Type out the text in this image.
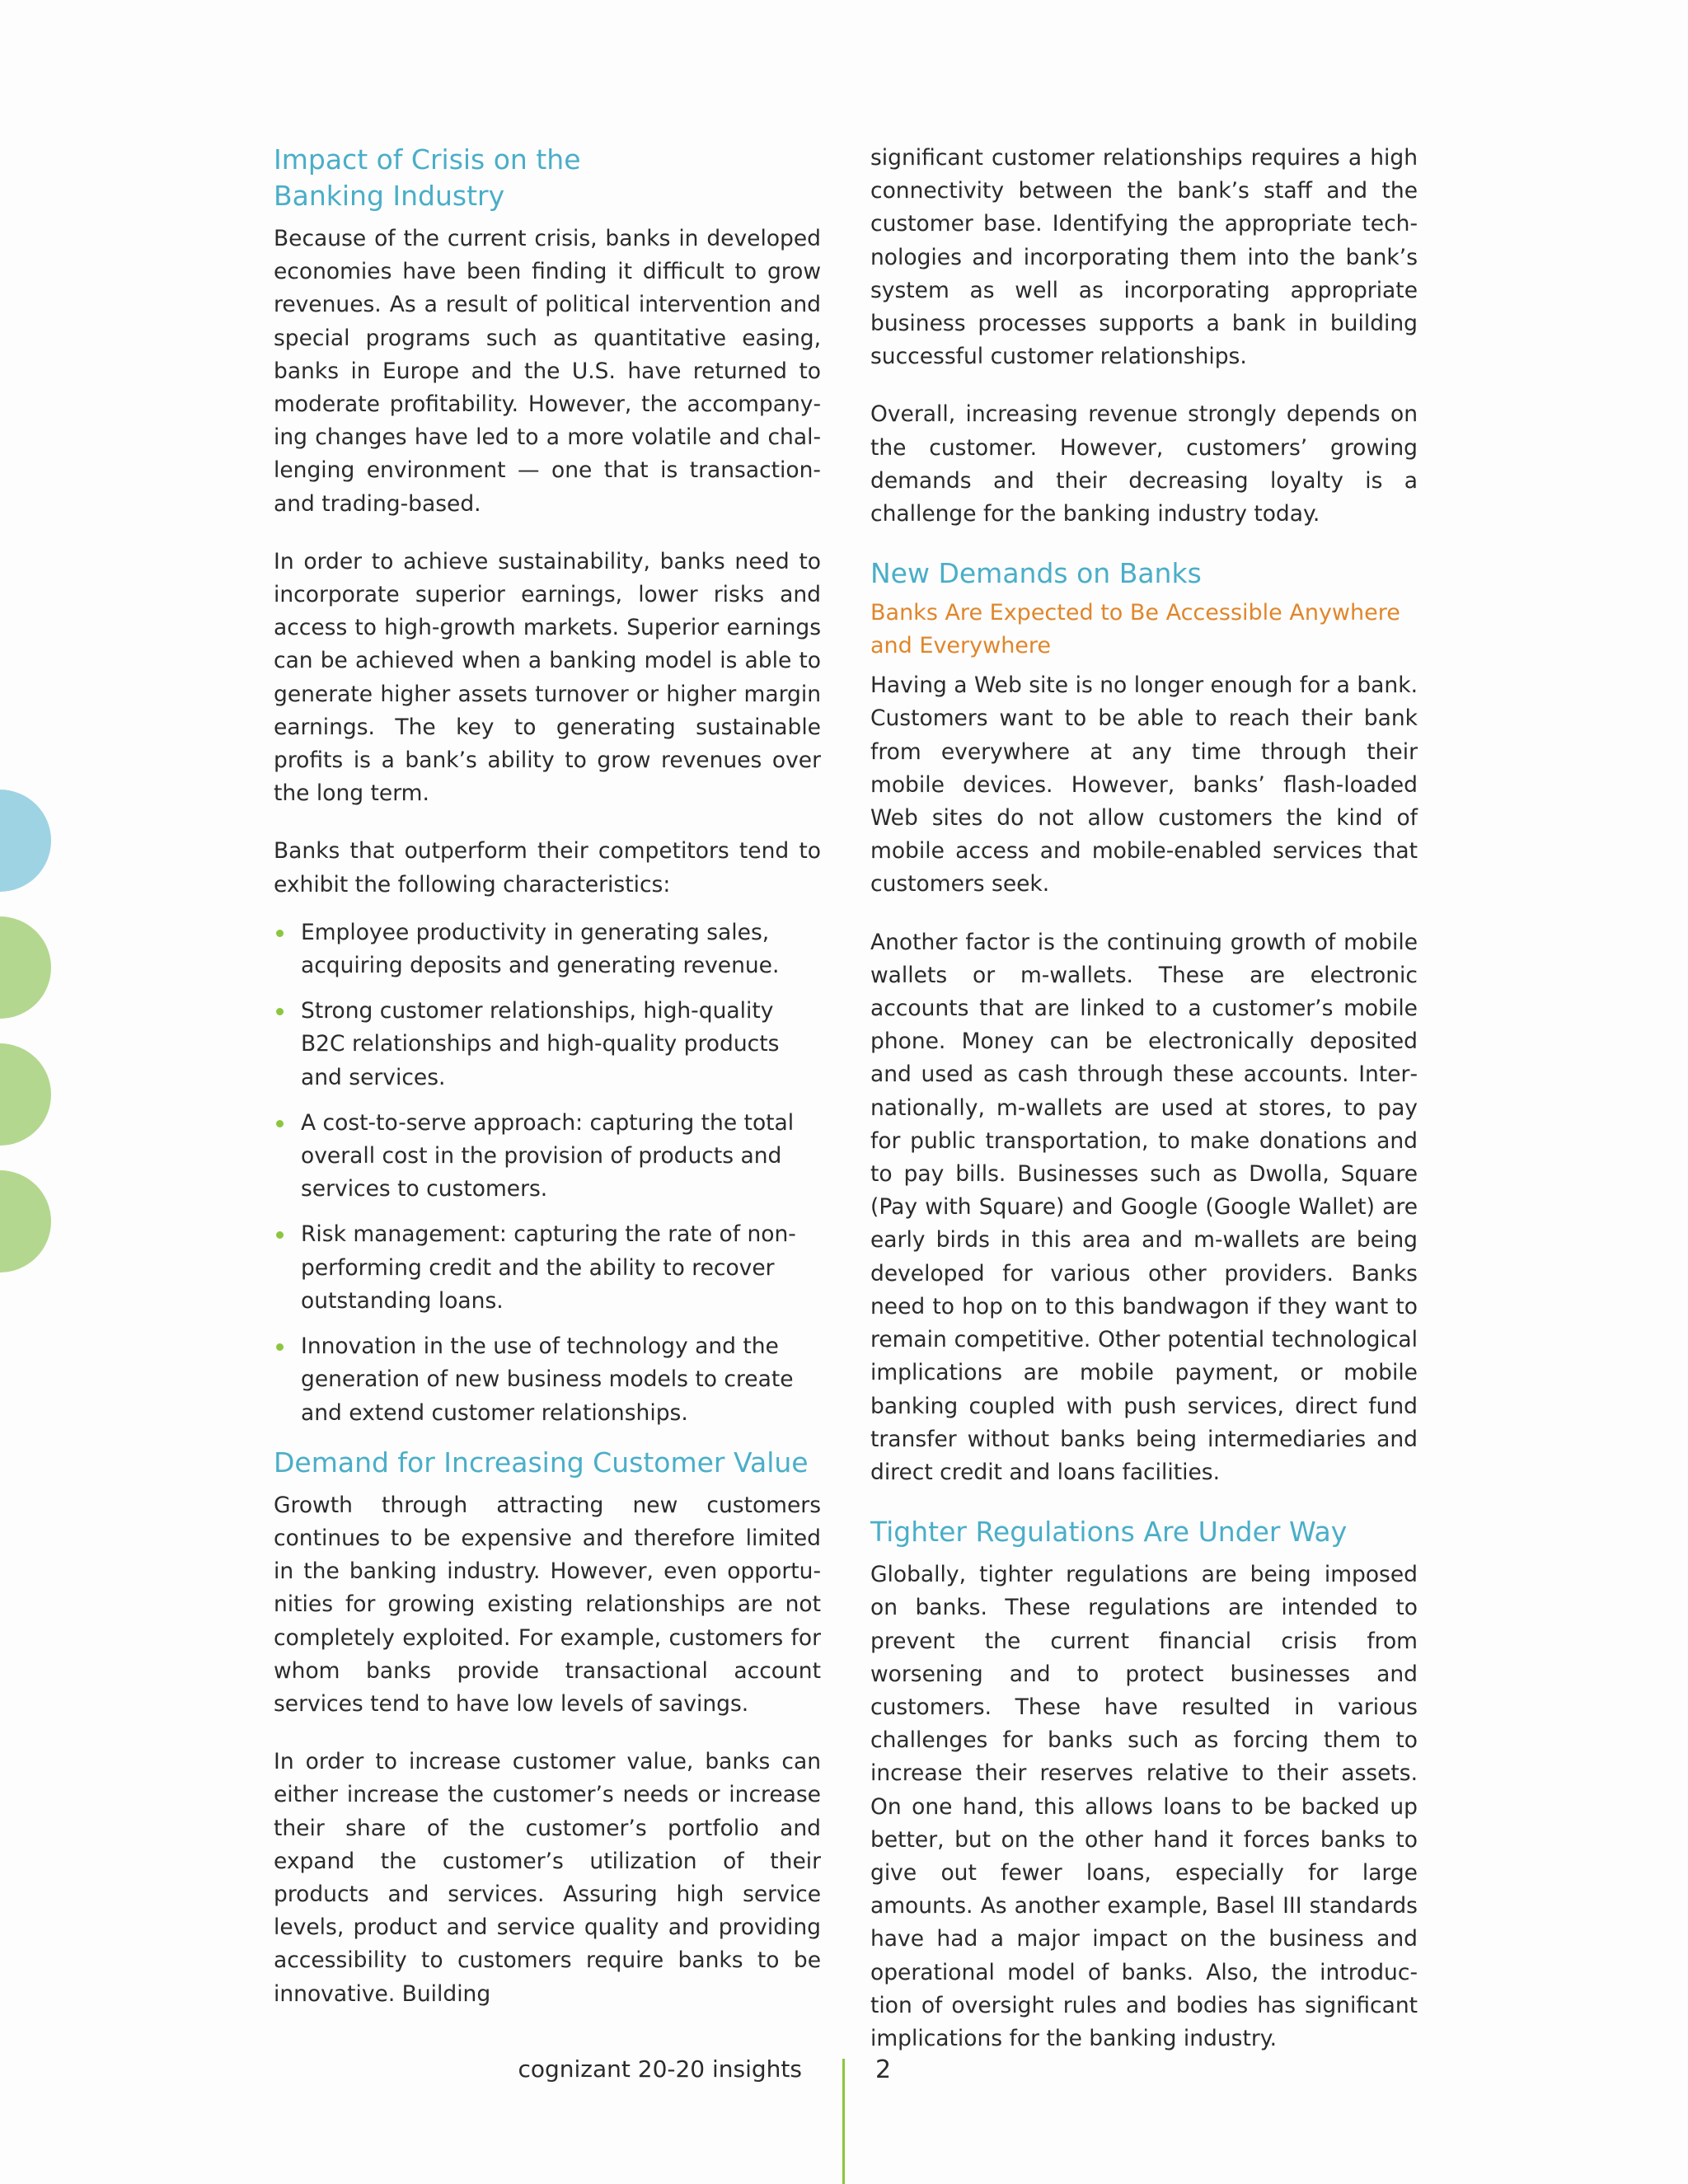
Impact of Crisis on the Banking Industry

Because of the current crisis, banks in developed economies have been finding it difficult to grow revenues. As a result of political intervention and special programs such as quantitative easing, banks in Europe and the U.S. have returned to moderate profitability. However, the accompanying changes have led to a more volatile and challenging environment — one that is transaction- and trading-based.

In order to achieve sustainability, banks need to incorporate superior earnings, lower risks and access to high-growth markets. Superior earnings can be achieved when a banking model is able to generate higher assets turnover or higher margin earnings. The key to generating sustainable profits is a bank’s ability to grow revenues over the long term.

Banks that outperform their competitors tend to exhibit the following characteristics:

Employee productivity in generating sales, acquiring deposits and generating revenue.
Strong customer relationships, high-quality B2C relationships and high-quality products and services.
A cost-to-serve approach: capturing the total overall cost in the provision of products and services to customers.
Risk management: capturing the rate of non-performing credit and the ability to recover outstanding loans.
Innovation in the use of technology and the generation of new business models to create and extend customer relationships.
Demand for Increasing Customer Value

Growth through attracting new customers continues to be expensive and therefore limited in the banking industry. However, even opportunities for growing existing relationships are not completely exploited. For example, customers for whom banks provide transactional account services tend to have low levels of savings.

In order to increase customer value, banks can either increase the customer’s needs or increase their share of the customer’s portfolio and expand the customer’s utilization of their products and services. Assuring high service levels, product and service quality and providing accessibility to customers require banks to be innovative. Building

significant customer relationships requires a high connectivity between the bank’s staff and the customer base. Identifying the appropriate technologies and incorporating them into the bank’s system as well as incorporating appropriate business processes supports a bank in building successful customer relationships.

Overall, increasing revenue strongly depends on the customer. However, customers’ growing demands and their decreasing loyalty is a challenge for the banking industry today.

New Demands on Banks
Banks Are Expected to Be Accessible Anywhere and Everywhere

Having a Web site is no longer enough for a bank. Customers want to be able to reach their bank from everywhere at any time through their mobile devices. However, banks’ flash-loaded Web sites do not allow customers the kind of mobile access and mobile-enabled services that customers seek.

Another factor is the continuing growth of mobile wallets or m-wallets. These are electronic accounts that are linked to a customer’s mobile phone. Money can be electronically deposited and used as cash through these accounts. Internationally, m-wallets are used at stores, to pay for public transportation, to make donations and to pay bills. Businesses such as Dwolla, Square (Pay with Square) and Google (Google Wallet) are early birds in this area and m-wallets are being developed for various other providers. Banks need to hop on to this bandwagon if they want to remain competitive. Other potential technological implications are mobile payment, or mobile banking coupled with push services, direct fund transfer without banks being intermediaries and direct credit and loans facilities.

Tighter Regulations Are Under Way

Globally, tighter regulations are being imposed on banks. These regulations are intended to prevent the current financial crisis from worsening and to protect businesses and customers. These have resulted in various challenges for banks such as forcing them to increase their reserves relative to their assets. On one hand, this allows loans to be backed up better, but on the other hand it forces banks to give out fewer loans, especially for large amounts. As another example, Basel III standards have had a major impact on the business and operational model of banks. Also, the introduction of oversight rules and bodies has significant implications for the banking industry.

cognizant 20-20 insights	2
